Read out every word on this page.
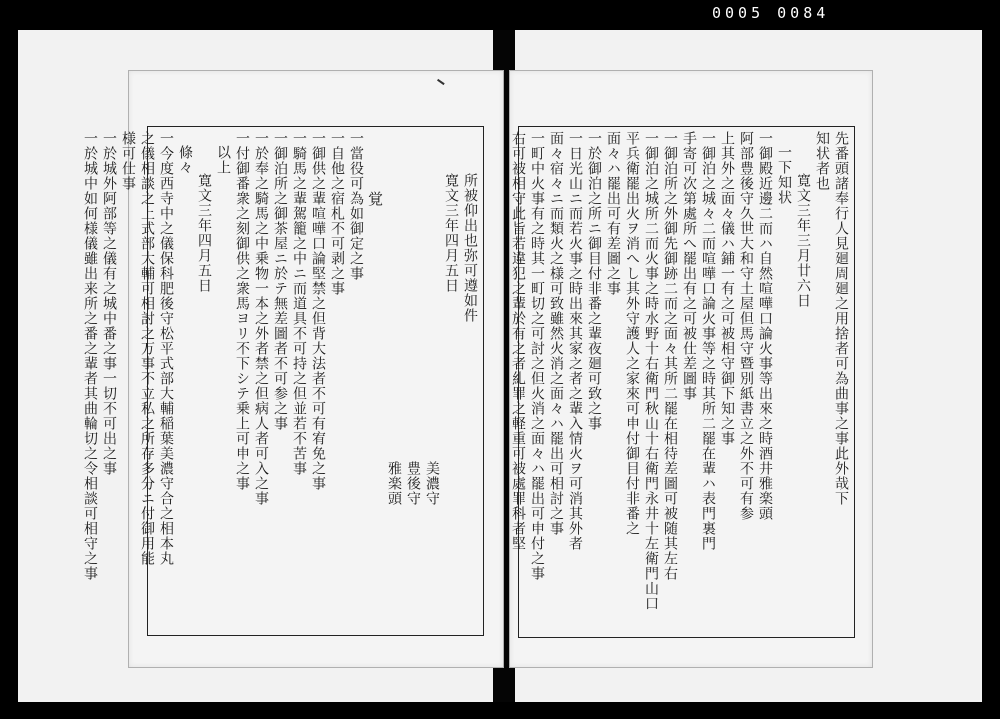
0005 0084
所被仰出也弥可遵如件
寛文三年四月五日
美濃守
豊後守
雅楽頭
覚
一當役可為如御定之事
一自他之宿札不可剥之事
一御供之輩喧嘩口論堅禁之但背大法者不可有宥免之事
一騎馬之輩駕籠之中ニ而道具不可持之但並若不苦事
一御泊所之御茶屋ニ於テ無差圖者不可参之事
一於奉之騎馬之中乗物一本之外者禁之但病人者可入之事
一付御番衆之刻御供之衆馬ヨリ不下シテ乗上可申之事
以上
寛文三年四月五日
條々
一今度西寺中之儀保科肥後守松平式部大輔稲葉美濃守合之相本丸
之儀相談之上式部大輔可相討之万事不立私之所存多分ニ付御用能
様可仕事
一於城外阿部等之儀有之城中番之事一切不可出之事
一於城中如何様儀雖出来所之番之輩者其曲輪切之令相談可相守之事	先番頭諸奉行人見廻周廻之用捨者可為曲事之事此外哉下
知状者也
寛文三年三月廿六日
一下知状
一御殿近邊二而ハ自然喧嘩口論火事等出來之時酒井雅楽頭
阿部豊後守久世大和守土屋但馬守暨別紙書立之外不可有参
上其外之面々儀ハ鋪一有之可被相守御下知之事
一御泊之城々二而喧嘩口論火事等之時其所二罷在輩ハ表門裏門
手寄可次第處所へ罷出有之可被仕差圖事
一御泊所之外御先御跡二而之面々其所二罷在相待差圖可被随其左右
一御泊之城所二而火事之時水野十右衛門秋山十右衛門永井十左衛門山口
平兵衛罷出火ヲ消へし其外守護人之家來可申付御目付非番之
面々ハ罷出可有差圖之事
一於御泊之所ニ御目付非番之輩夜廻可致之事
一日光山ニ而若火事之時出來其家之者之輩入情火ヲ可消其外者
面々宿々ニ而類火之様可致雖然火消之面々ハ罷出可相討之事
一町中火事有之時其一町切之可討之但火消之面々ハ罷出可申付之事
右可被相守此旨若違犯之輩於有之者糺罪之軽重可被處罪科者堅
